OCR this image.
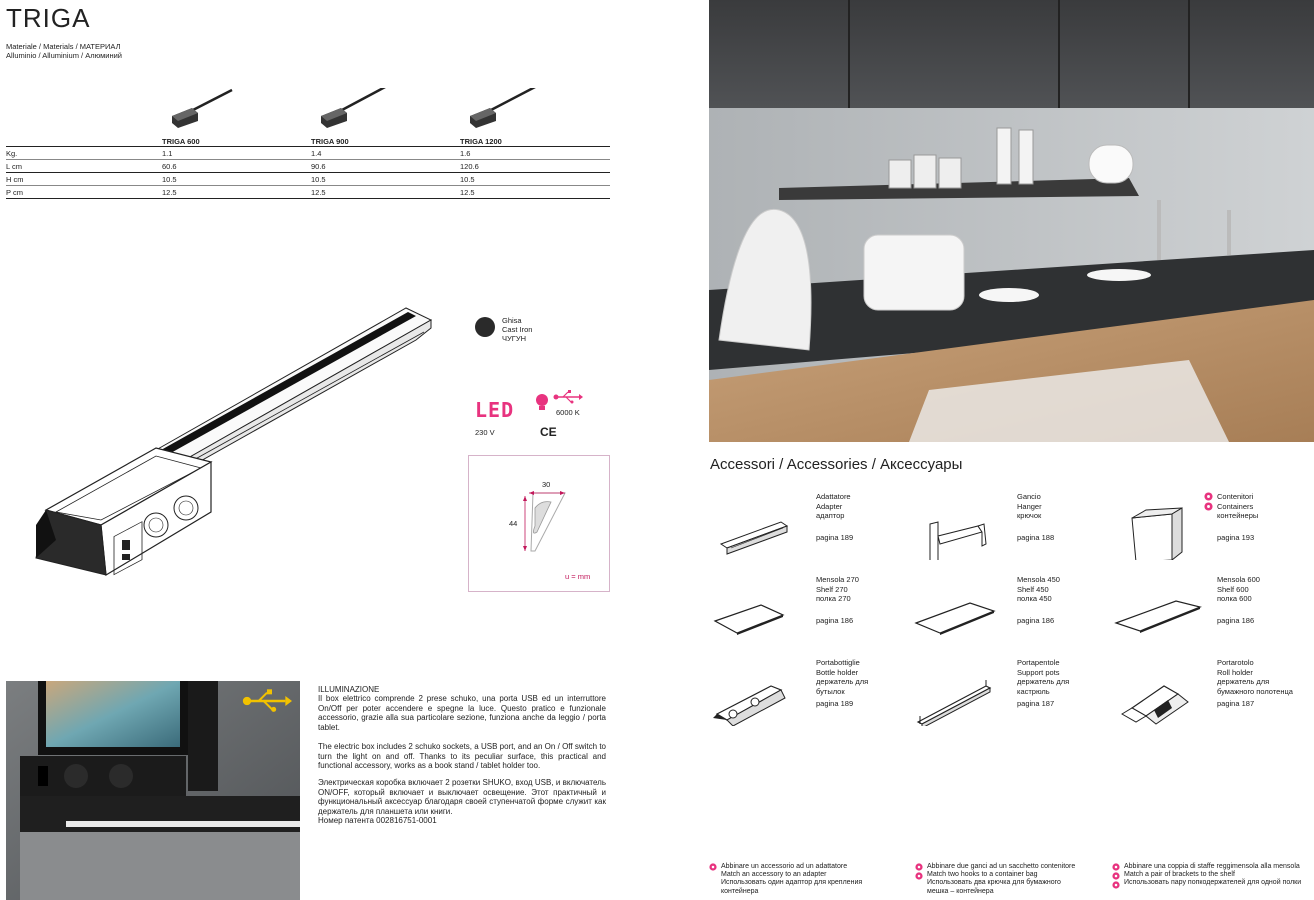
TRIGA
Materiale / Materials / МАТЕРИАЛ
Alluminio / Alluminium / Алюминий
TRIGA 600	TRIGA 900	TRIGA 1200
Kg.	1.1	1.4	1.6
L cm	60.6	90.6	120.6
H cm	10.5	10.5	10.5
P cm	12.5	12.5	12.5
Ghisa
Cast Iron
ЧУГУН
LED
230 V
6000 K
CE
30
44
u = mm
ILLUMINAZIONE
Il box elettrico comprende 2 prese schuko, una porta USB ed un interruttore On/Off per poter accendere e spegne la luce. Questo pratico e funzionale accessorio, grazie alla sua particolare sezione, funziona anche da leggio / porta tablet.
The electric box includes 2 schuko sockets, a USB port, and an On / Off switch to turn the light on and off. Thanks to its peculiar surface, this practical and functional accessory, works as a book stand / tablet holder too.
Электрическая коробка включает 2 розетки SHUKO, вход USB, и включатель ON/OFF, который включает и выключает освещение. Этот практичный и функциональный аксессуар благодаря своей ступенчатой форме служит как держатель для планшета или книги.
Номер патента 002816751-0001
Accessori / Accessories / Аксессуары
Adattatore
Adapter
адаптор
pagina 189
Gancio
Hanger
крючок
pagina 188
Contenitori
Containers
контейнеры
pagina 193
Mensola 270
Shelf 270
полка 270
pagina 186
Mensola 450
Shelf 450
полка 450
pagina 186
Mensola 600
Shelf 600
полка 600
pagina 186
Portabottiglie
Bottle holder
держатель для
бутылок
pagina 189
Portapentole
Support pots
держатель для
кастрюль
pagina 187
Portarotolo
Roll holder
держатель для
бумажного полотенца
pagina 187
Abbinare un accessorio ad un adattatore
Match an accessory to an adapter
Использовать один адаптор для крепления
контейнера
Abbinare due ganci ad un sacchetto contenitore
Match two hooks to a container bag
Использовать два крючка для бумажного
мешка – контейнера
Abbinare una coppia di staffe reggimensola alla mensola
Match a pair of brackets to the shelf
Использовать пару попкодержателей для одной полки
